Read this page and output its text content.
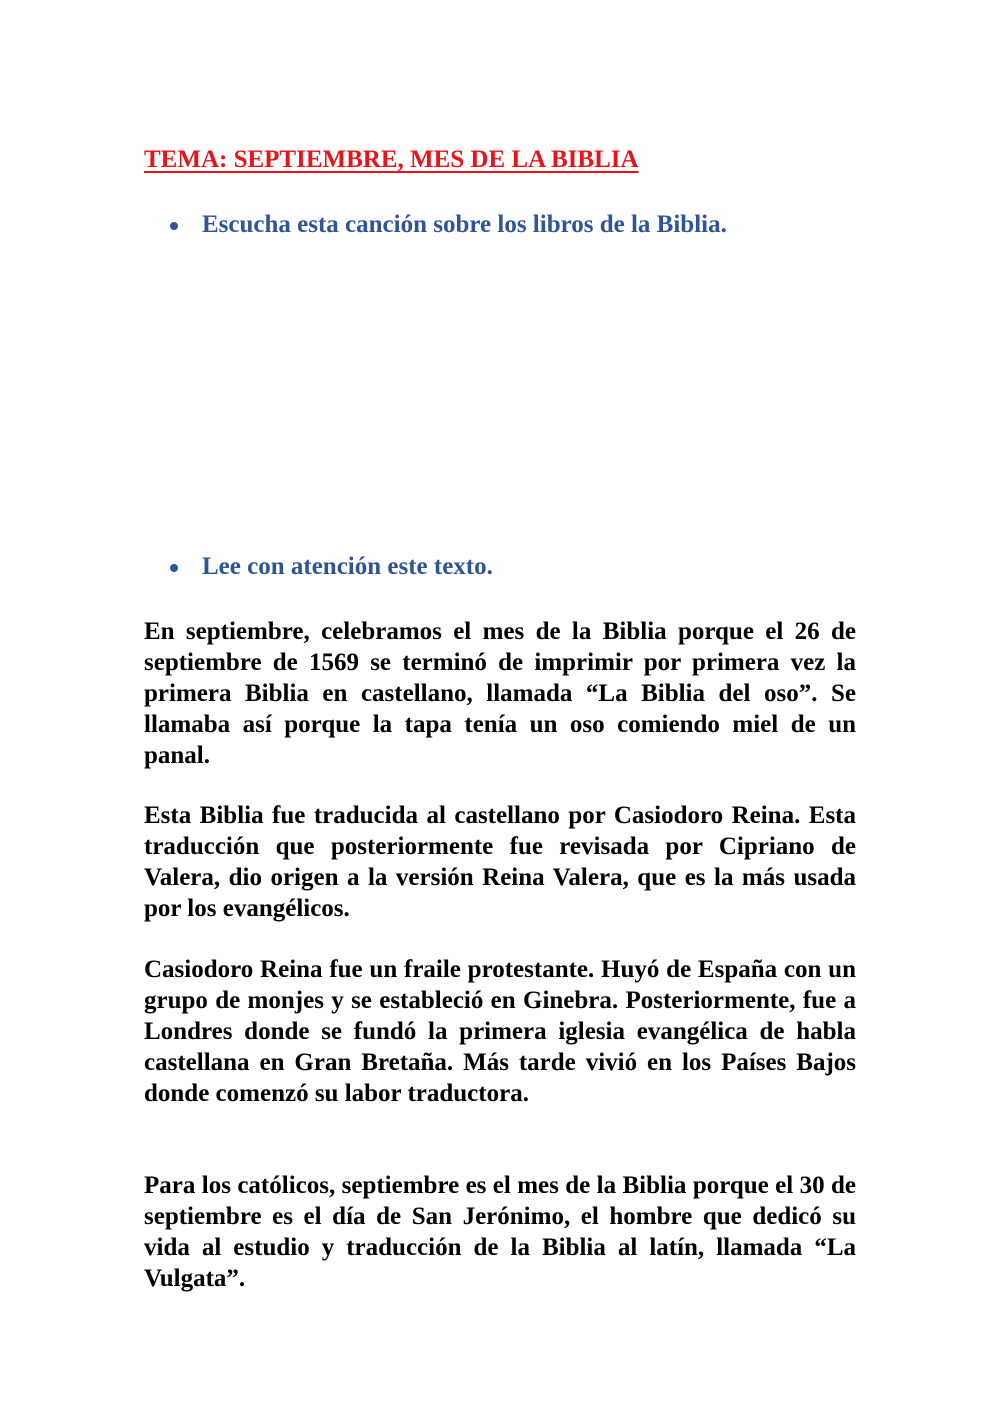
TEMA: SEPTIEMBRE, MES DE LA BIBLIA
Escucha esta canción sobre los libros de la Biblia.
Lee con atención este texto.

En septiembre, celebramos el mes de la Biblia porque el 26 de septiembre de 1569 se terminó de imprimir por primera vez la primera Biblia en castellano, llamada “La Biblia del oso”. Se llamaba así porque la tapa tenía un oso comiendo miel de un panal.

Esta Biblia fue traducida al castellano por Casiodoro Reina. Esta traducción que posteriormente fue revisada por Cipriano de Valera, dio origen a la versión Reina Valera, que es la más usada por los evangélicos.

Casiodoro Reina fue un fraile protestante. Huyó de España con un grupo de monjes y se estableció en Ginebra. Posteriormente, fue a Londres donde se fundó la primera iglesia evangélica de habla castellana en Gran Bretaña. Más tarde vivió en los Países Bajos donde comenzó su labor traductora.

Para los católicos, septiembre es el mes de la Biblia porque el 30 de septiembre es el día de San Jerónimo, el hombre que dedicó su vida al estudio y traducción de la Biblia al latín, llamada “La Vulgata”.
